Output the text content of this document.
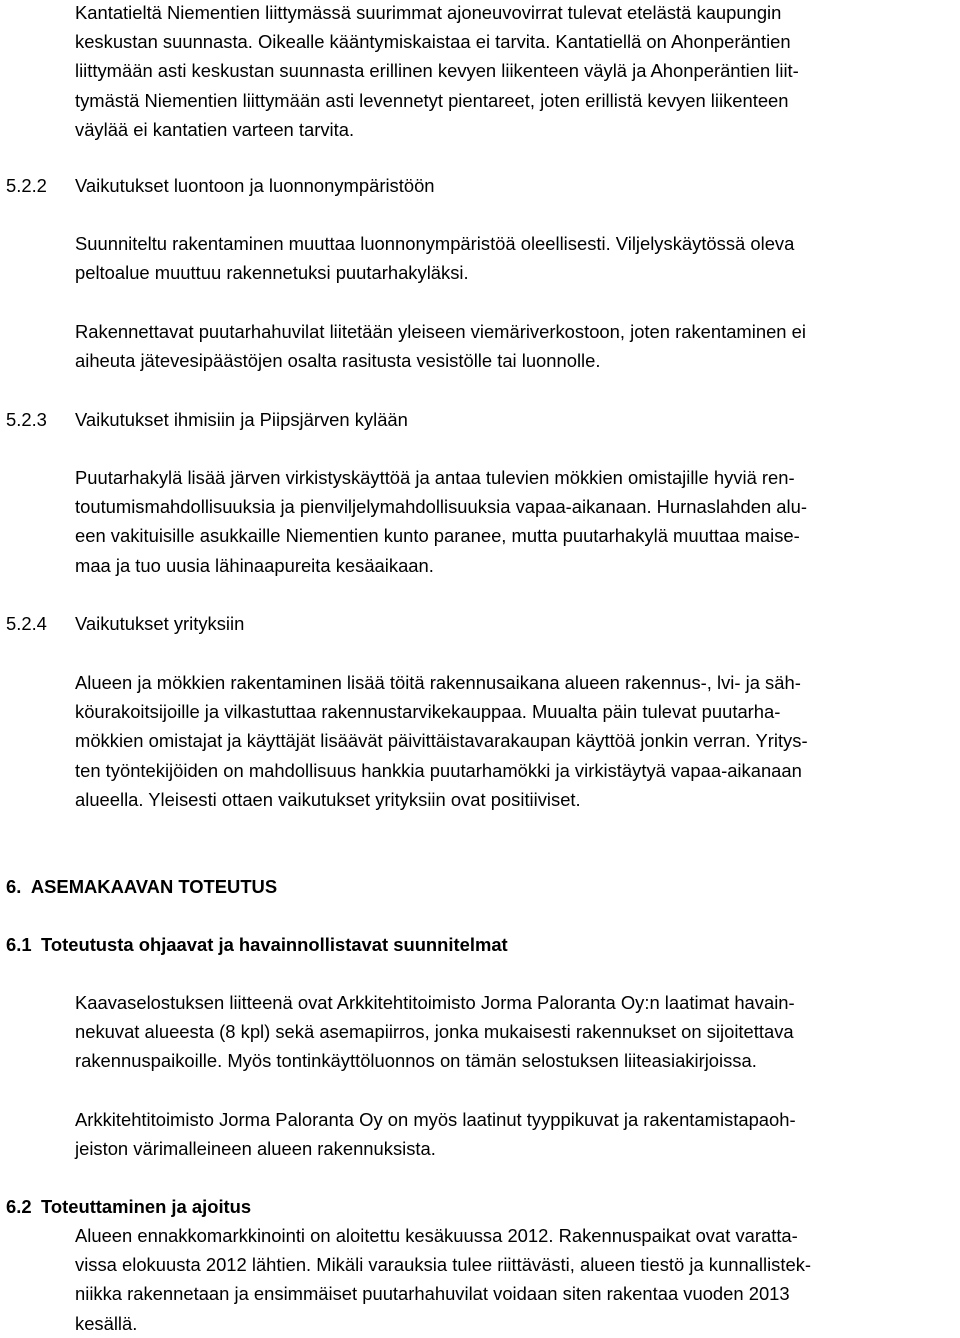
Kantatieltä Niementien liittymässä suurimmat ajoneuvovirrat tulevat etelästä kaupungin
keskustan suunnasta. Oikealle kääntymiskaistaa ei tarvita. Kantatiellä on Ahonperäntien
liittymään asti keskustan suunnasta erillinen kevyen liikenteen väylä ja Ahonperäntien liit-
tymästä Niementien liittymään asti levennetyt pientareet, joten erillistä kevyen liikenteen
väylää ei kantatien varteen tarvita.
5.2.2 Vaikutukset luontoon ja luonnonympäristöön
Suunniteltu rakentaminen muuttaa luonnonympäristöä oleellisesti. Viljelyskäytössä oleva
peltoalue muuttuu rakennetuksi puutarhakyläksi.
Rakennettavat puutarhahuvilat liitetään yleiseen viemäriverkostoon, joten rakentaminen ei
aiheuta jätevesipäästöjen osalta rasitusta vesistölle tai luonnolle.
5.2.3 Vaikutukset ihmisiin ja Piipsjärven kylään
Puutarhakylä lisää järven virkistyskäyttöä ja antaa tulevien mökkien omistajille hyviä ren-
toutumismahdollisuuksia ja pienviljelymahdollisuuksia vapaa-aikanaan. Hurnaslahden alu-
een vakituisille asukkaille Niementien kunto paranee, mutta puutarhakylä muuttaa maise-
maa ja tuo uusia lähinaapureita kesäaikaan.
5.2.4 Vaikutukset yrityksiin
Alueen ja mökkien rakentaminen lisää töitä rakennusaikana alueen rakennus-, lvi- ja säh-
köurakoitsijoille ja vilkastuttaa rakennustarvikekauppaa. Muualta päin tulevat puutarha-
mökkien omistajat ja käyttäjät lisäävät päivittäistavarakaupan käyttöä jonkin verran. Yritys-
ten työntekijöiden on mahdollisuus hankkia puutarhamökki ja virkistäytyä vapaa-aikanaan
alueella. Yleisesti ottaen vaikutukset yrityksiin ovat positiiviset.
6.  ASEMAKAAVAN TOTEUTUS
6.1 Toteutusta ohjaavat ja havainnollistavat suunnitelmat
Kaavaselostuksen liitteenä ovat Arkkitehtitoimisto Jorma Paloranta Oy:n laatimat havain-
nekuvat alueesta (8 kpl) sekä asemapiirros, jonka mukaisesti rakennukset on sijoitettava
rakennuspaikoille. Myös tontinkäyttöluonnos on tämän selostuksen liiteasiakirjoissa.
Arkkitehtitoimisto Jorma Paloranta Oy on myös laatinut tyyppikuvat ja rakentamistapaoh-
jeiston värimalleineen alueen rakennuksista.
6.2 Toteuttaminen ja ajoitus
Alueen ennakkomarkkinointi on aloitettu kesäkuussa 2012. Rakennuspaikat ovat varatta-
vissa elokuusta 2012 lähtien. Mikäli varauksia tulee riittävästi, alueen tiestö ja kunnallistek-
niikka rakennetaan ja ensimmäiset puutarhahuvilat voidaan siten rakentaa vuoden 2013
kesällä.
